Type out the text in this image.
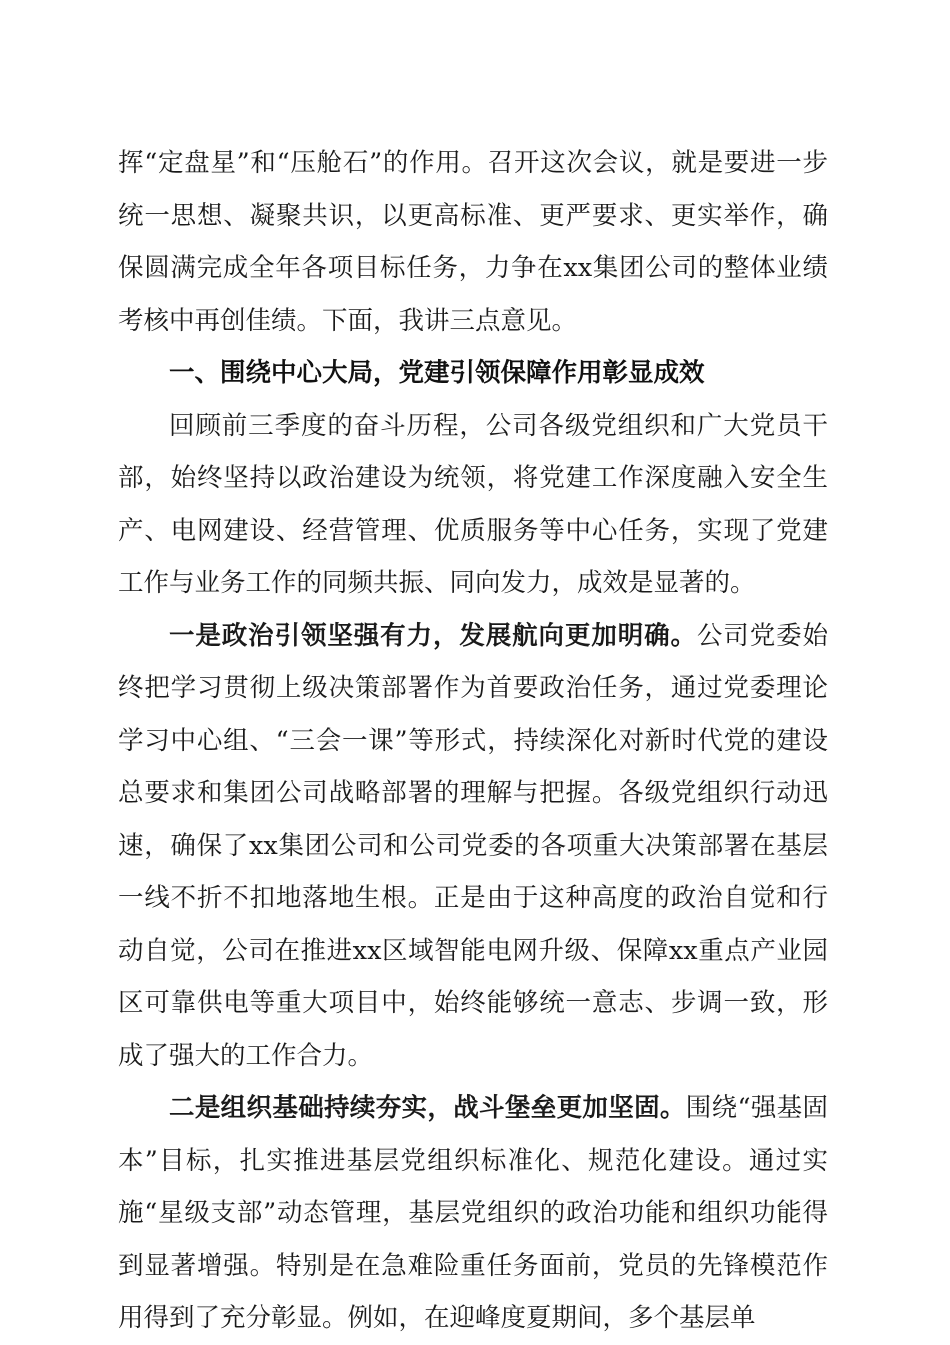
挥“定盘星”和“压舱石”的作用。召开这次会议，就是要进一步统一思想、凝聚共识，以更高标准、更严要求、更实举作，确保圆满完成全年各项目标任务，力争在xx集团公司的整体业绩考核中再创佳绩。下面，我讲三点意见。

一、围绕中心大局，党建引领保障作用彰显成效

回顾前三季度的奋斗历程，公司各级党组织和广大党员干部，始终坚持以政治建设为统领，将党建工作深度融入安全生产、电网建设、经营管理、优质服务等中心任务，实现了党建工作与业务工作的同频共振、同向发力，成效是显著的。

一是政治引领坚强有力，发展航向更加明确。公司党委始终把学习贯彻上级决策部署作为首要政治任务，通过党委理论学习中心组、“三会一课”等形式，持续深化对新时代党的建设总要求和集团公司战略部署的理解与把握。各级党组织行动迅速，确保了xx集团公司和公司党委的各项重大决策部署在基层一线不折不扣地落地生根。正是由于这种高度的政治自觉和行动自觉，公司在推进xx区域智能电网升级、保障xx重点产业园区可靠供电等重大项目中，始终能够统一意志、步调一致，形成了强大的工作合力。

二是组织基础持续夯实，战斗堡垒更加坚固。围绕“强基固本”目标，扎实推进基层党组织标准化、规范化建设。通过实施“星级支部”动态管理，基层党组织的政治功能和组织功能得到显著增强。特别是在急难险重任务面前，党员的先锋模范作用得到了充分彰显。例如，在迎峰度夏期间，多个基层单
